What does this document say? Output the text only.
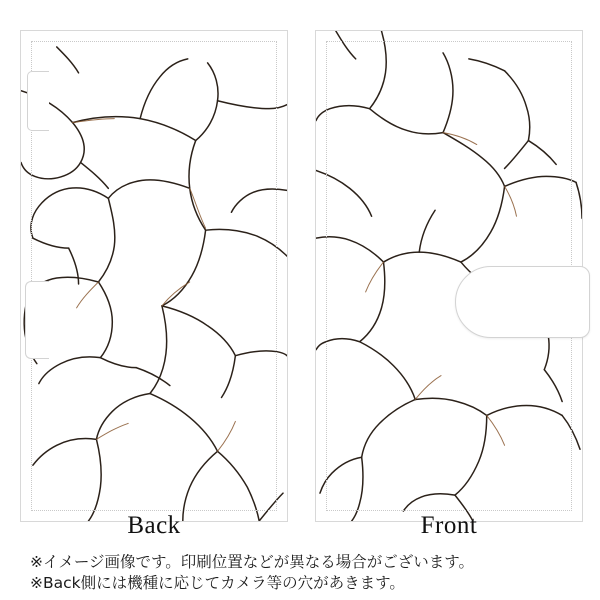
Back	Front
※イメージ画像です。印刷位置などが異なる場合がございます。
※Back側には機種に応じてカメラ等の穴があきます。
